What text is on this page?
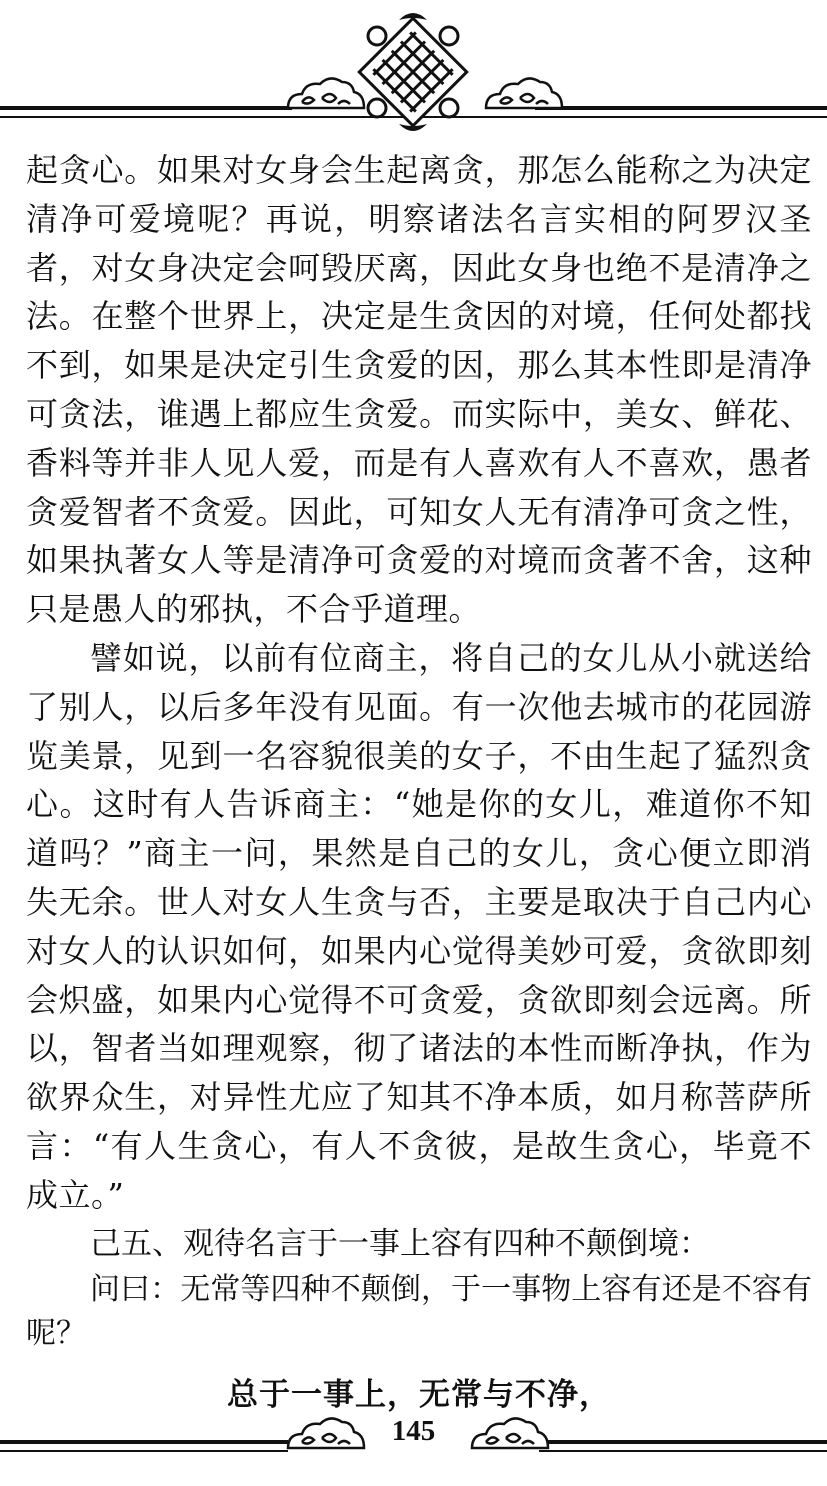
起贪心。如果对女身会生起离贪，那怎么能称之为决定清净可爱境呢？再说，明察诸法名言实相的阿罗汉圣者，对女身决定会呵毁厌离，因此女身也绝不是清净之法。在整个世界上，决定是生贪因的对境，任何处都找不到，如果是决定引生贪爱的因，那么其本性即是清净可贪法，谁遇上都应生贪爱。而实际中，美女、鲜花、香料等并非人见人爱，而是有人喜欢有人不喜欢，愚者贪爱智者不贪爱。因此，可知女人无有清净可贪之性，如果执著女人等是清净可贪爱的对境而贪著不舍，这种只是愚人的邪执，不合乎道理。

譬如说，以前有位商主，将自己的女儿从小就送给了别人，以后多年没有见面。有一次他去城市的花园游览美景，见到一名容貌很美的女子，不由生起了猛烈贪心。这时有人告诉商主：“她是你的女儿，难道你不知道吗？”商主一问，果然是自己的女儿，贪心便立即消失无余。世人对女人生贪与否，主要是取决于自己内心对女人的认识如何，如果内心觉得美妙可爱，贪欲即刻会炽盛，如果内心觉得不可贪爱，贪欲即刻会远离。所以，智者当如理观察，彻了诸法的本性而断净执，作为欲界众生，对异性尤应了知其不净本质，如月称菩萨所言：“有人生贪心，有人不贪彼，是故生贪心，毕竟不成立。”

己五、观待名言于一事上容有四种不颠倒境：

问曰：无常等四种不颠倒，于一事物上容有还是不容有呢？

总于一事上，无常与不净，

145
